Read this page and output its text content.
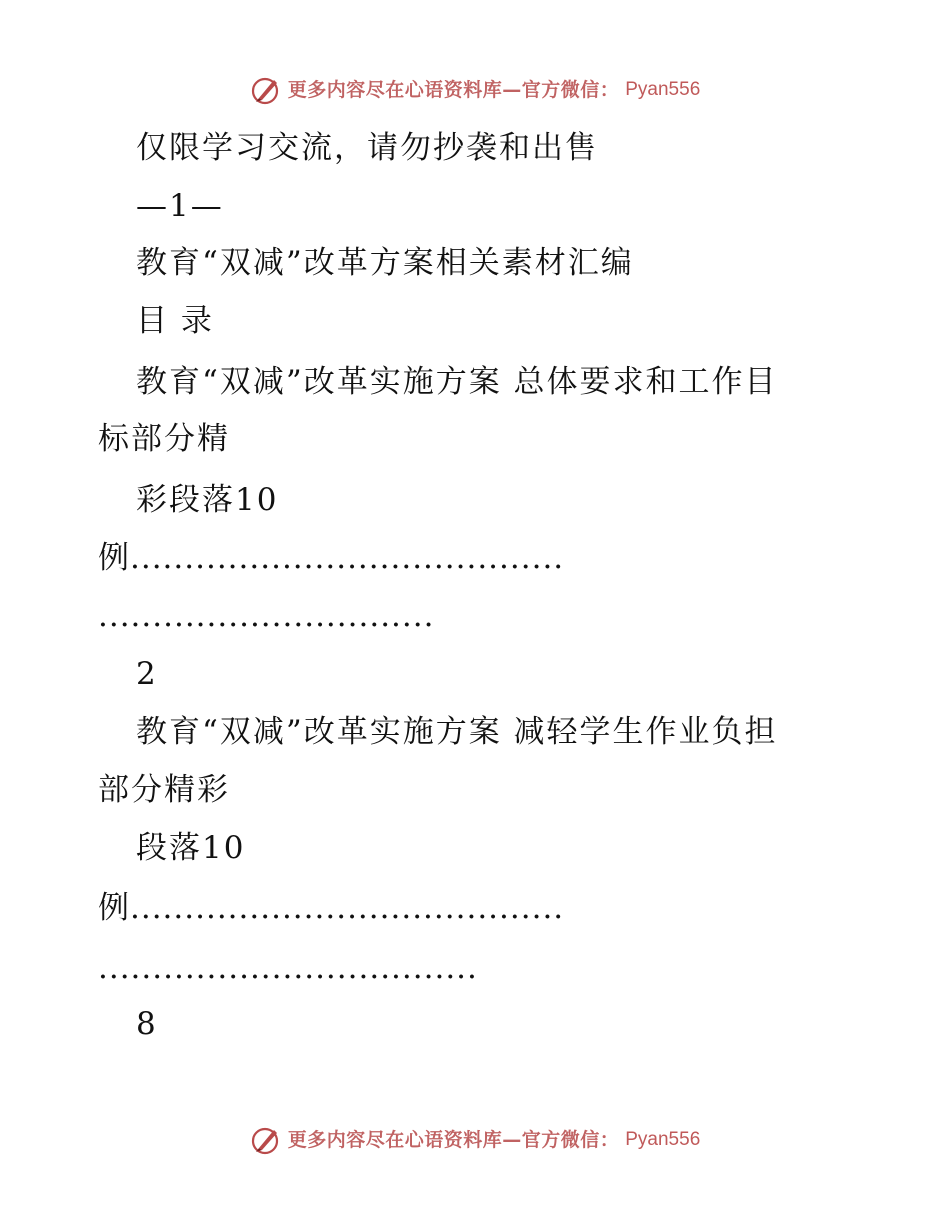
更多内容尽在心语资料库—官方微信： Pyan556
仅限学习交流，请勿抄袭和出售
—1—
教育“双减”改革方案相关素材汇编
目 录
教育“双减”改革实施方案 总体要求和工作目
标部分精
彩段落10
例........................................
...............................
2
教育“双减”改革实施方案 减轻学生作业负担
部分精彩
段落10
例........................................
...................................
8
更多内容尽在心语资料库—官方微信： Pyan556
